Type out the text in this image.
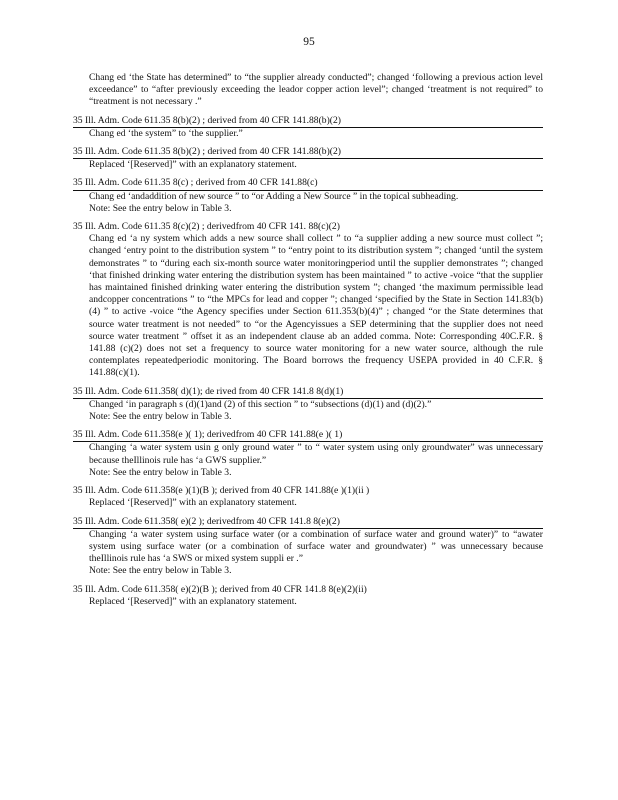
95
Chang ed ‘the State has determined” to “the supplier already conducted”; changed ‘following a previous action level exceedance” to “after previously exceeding the leador copper action level”; changed ‘treatment is not required” to “treatment is not necessary .”
35 Ill. Adm. Code 611.35 8(b)(2) ; derived from 40 CFR 141.88(b)(2)
Chang ed ‘the system” to ‘the supplier.”
35 Ill. Adm. Code 611.35 8(b)(2) ; derived from 40 CFR 141.88(b)(2)
Replaced ‘[Reserved]” with an explanatory statement.
35 Ill. Adm. Code 611.35 8(c) ; derived from 40 CFR 141.88(c)
Chang ed ‘andaddition of new source ” to “or Adding a New Source ” in the topical subheading.
Note: See the entry below in Table 3.
35 Ill. Adm. Code 611.35 8(c)(2) ; derivedfrom 40 CFR 141. 88(c)(2)
Chang ed ‘a ny system which adds a new source shall collect ” to “a supplier adding a new source must collect ”; changed ‘entry point to the distribution system ” to “entry point to its distribution system ”; changed ‘until the system demonstrates ” to “during each six-month source water monitoringperiod until the supplier demonstrates ”; changed ‘that finished drinking water entering the distribution system has been maintained ” to active -voice “that the supplier has maintained finished drinking water entering the distribution system ”; changed ‘the maximum permissible lead andcopper concentrations ” to “the MPCs for lead and copper ”; changed ‘specified by the State in Section 141.83(b)(4) ” to active -voice “the Agency specifies under Section 611.353(b)(4)” ; changed “or the State determines that source water treatment is not needed” to “or the Agencyissues a SEP determining that the supplier does not need source water treatment ” offset it as an independent clause ab an added comma. Note: Corresponding 40C.F.R. § 141.88 (c)(2) does not set a frequency to source water monitoring for a new water source, although the rule contemplates repeatedperiodic monitoring. The Board borrows the frequency USEPA provided in 40 C.F.R. § 141.88(c)(1).
35 Ill. Adm. Code 611.358( d)(1); de rived from 40 CFR 141.8 8(d)(1)
Changed ‘in paragraph s (d)(1)and (2) of this section ” to “subsections (d)(1) and (d)(2).”
Note: See the entry below in Table 3.
35 Ill. Adm. Code 611.358(e )( 1); derivedfrom 40 CFR 141.88(e )( 1)
Changing ‘a water system usin g only ground water ” to “ water system using only groundwater” was unnecessary because theIllinois rule has ‘a GWS supplier.”
Note: See the entry below in Table 3.
35 Ill. Adm. Code 611.358(e )(1)(B ); derived from 40 CFR 141.88(e )(1)(ii )
Replaced ‘[Reserved]” with an explanatory statement.
35 Ill. Adm. Code 611.358( e)(2 ); derivedfrom 40 CFR 141.8 8(e)(2)
Changing ‘a water system using surface water (or a combination of surface water and ground water)” to “awater system using surface water (or a combination of surface water and groundwater) ” was unnecessary because theIllinois rule has ‘a SWS or mixed system suppli er .”
Note: See the entry below in Table 3.
35 Ill. Adm. Code 611.358( e)(2)(B ); derived from 40 CFR 141.8 8(e)(2)(ii)
Replaced ‘[Reserved]” with an explanatory statement.
